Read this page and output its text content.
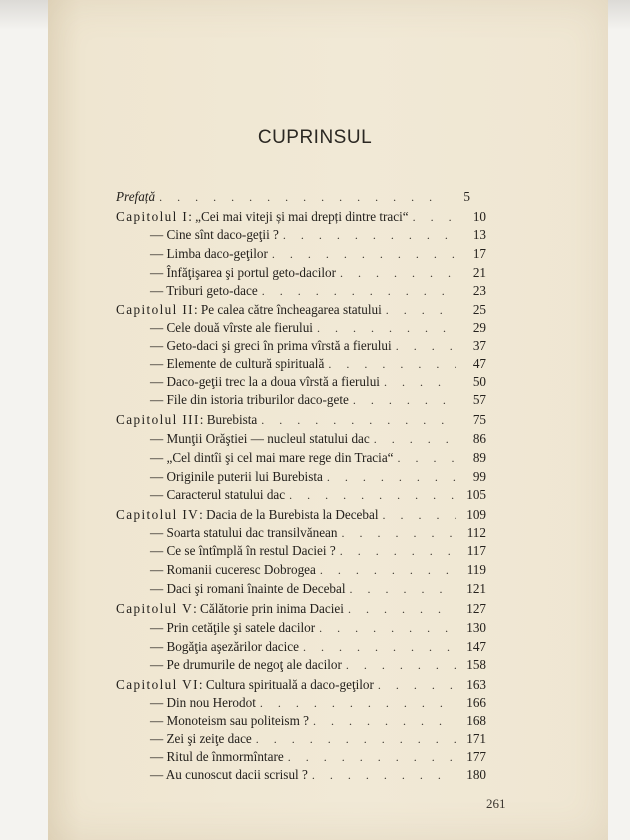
CUPRINSUL
Prefață . . .	5
Capitolul I: „Cei mai viteji și mai drepți dintre traci“ . . .	10
— Cine sînt daco-geţii ? . . .	13
— Limba daco-geţilor . . .	17
— Înfăţişarea şi portul geto-dacilor . . .	21
— Triburi geto-dace . . .	23
Capitolul II: Pe calea către încheagarea statului . . .	25
— Cele două vîrste ale fierului . . .	29
— Geto-daci şi greci în prima vîrstă a fierului . . .	37
— Elemente de cultură spirituală . . .	47
— Daco-geţii trec la a doua vîrstă a fierului . . .	50
— File din istoria triburilor daco-gete . . .	57
Capitolul III: Burebista . . .	75
— Munţii Orăştiei — nucleul statului dac . . .	86
— „Cel dintîi şi cel mai mare rege din Tracia“ . . .	89
— Originile puterii lui Burebista . . .	99
— Caracterul statului dac . . .	105
Capitolul IV: Dacia de la Burebista la Decebal . . .	109
— Soarta statului dac transilvănean . . .	112
— Ce se întîmplă în restul Daciei ? . . .	117
— Romanii cuceresc Dobrogea . . .	119
— Daci şi romani înainte de Decebal . . .	121
Capitolul V: Călătorie prin inima Daciei . . .	127
— Prin cetăţile şi satele dacilor . . .	130
— Bogăţia aşezărilor dacice . . .	147
— Pe drumurile de negoţ ale dacilor . . .	158
Capitolul VI: Cultura spirituală a daco-geţilor . . .	163
— Din nou Herodot . . .	166
— Monoteism sau politeism ? . . .	168
— Zei şi zeiţe dace . . .	171
— Ritul de înmormîntare . . .	177
— Au cunoscut dacii scrisul ? . . .	180
261
